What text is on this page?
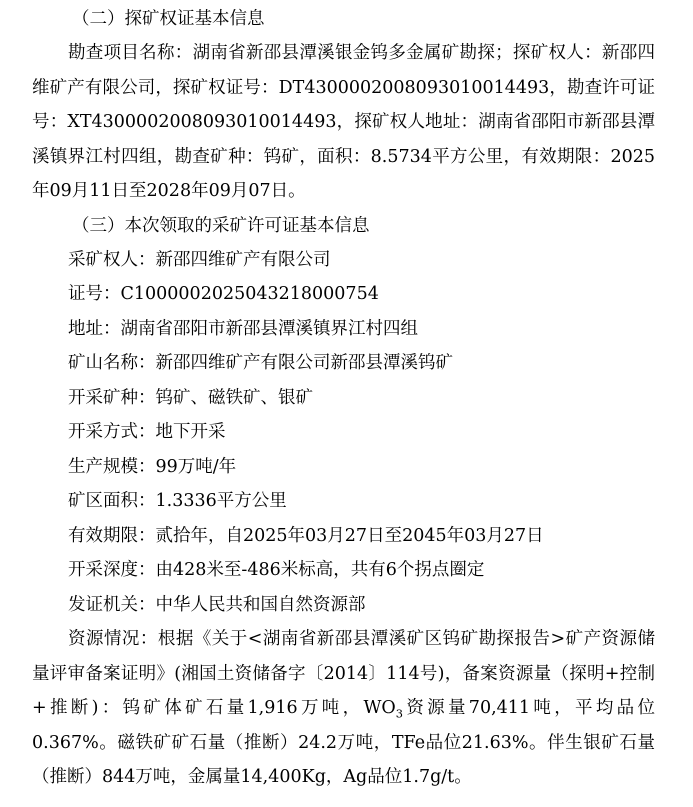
（二）探矿权证基本信息

勘查项目名称：湖南省新邵县潭溪银金钨多金属矿勘探；探矿权人：新邵四维矿产有限公司，探矿权证号：DT4300002008093010014493，勘查许可证号：XT4300002008093010014493，探矿权人地址：湖南省邵阳市新邵县潭溪镇界江村四组，勘查矿种：钨矿，面积：8.5734平方公里，有效期限：2025年09月11日至2028年09月07日。

（三）本次领取的采矿许可证基本信息

采矿权人：新邵四维矿产有限公司

证号：C1000002025043218000754

地址：湖南省邵阳市新邵县潭溪镇界江村四组

矿山名称：新邵四维矿产有限公司新邵县潭溪钨矿

开采矿种：钨矿、磁铁矿、银矿

开采方式：地下开采

生产规模：99万吨/年

矿区面积：1.3336平方公里

有效期限：贰拾年，自2025年03月27日至2045年03月27日

开采深度：由428米至-486米标高，共有6个拐点圈定

发证机关：中华人民共和国自然资源部

资源情况：根据《关于<湖南省新邵县潭溪矿区钨矿勘探报告>矿产资源储量评审备案证明》(湘国土资储备字〔2014〕114号)，备案资源量（探明+控制+推断)：钨矿体矿石量1,916万吨，$WO_3$资源量70,411吨，平均品位0.367%。磁铁矿矿石量（推断）24.2万吨，TFe品位21.63%。伴生银矿石量（推断）844万吨，金属量14,400Kg，Ag品位1.7g/t。
